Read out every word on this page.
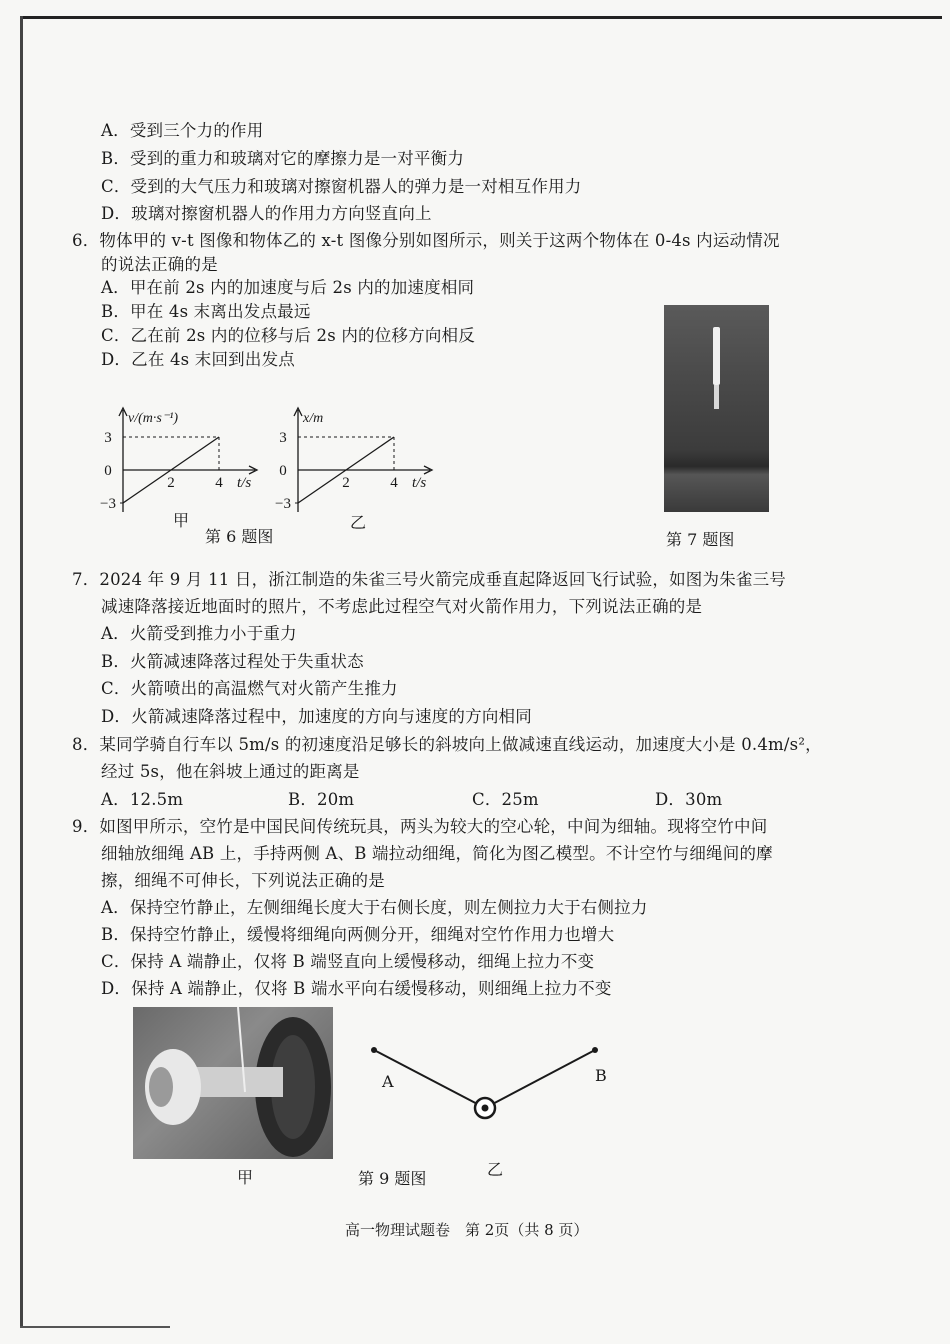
A．受到三个力的作用
B．受到的重力和玻璃对它的摩擦力是一对平衡力
C．受到的大气压力和玻璃对擦窗机器人的弹力是一对相互作用力
D．玻璃对擦窗机器人的作用力方向竖直向上
6．物体甲的 v-t 图像和物体乙的 x-t 图像分别如图所示，则关于这两个物体在 0-4s 内运动情况
的说法正确的是
A．甲在前 2s 内的加速度与后 2s 内的加速度相同
B．甲在 4s 末离出发点最远
C．乙在前 2s 内的位移与后 2s 内的位移方向相反
D．乙在 4s 末回到出发点
v/(m·s⁻¹)
t/s
3
0
−3
2	4
x/m
t/s
3
0
−3
2	4
甲	乙
第 6 题图	第 7 题图
7．2024 年 9 月 11 日，浙江制造的朱雀三号火箭完成垂直起降返回飞行试验，如图为朱雀三号
减速降落接近地面时的照片，不考虑此过程空气对火箭作用力，下列说法正确的是
A．火箭受到推力小于重力
B．火箭减速降落过程处于失重状态
C．火箭喷出的高温燃气对火箭产生推力
D．火箭减速降落过程中，加速度的方向与速度的方向相同
8．某同学骑自行车以 5m/s 的初速度沿足够长的斜坡向上做减速直线运动，加速度大小是 0.4m/s²，
经过 5s，他在斜坡上通过的距离是
A．12.5m	B．20m	C．25m	D．30m
9．如图甲所示，空竹是中国民间传统玩具，两头为较大的空心轮，中间为细轴。现将空竹中间
细轴放细绳 AB 上，手持两侧 A、B 端拉动细绳，简化为图乙模型。不计空竹与细绳间的摩
擦，细绳不可伸长，下列说法正确的是
A．保持空竹静止，左侧细绳长度大于右侧长度，则左侧拉力大于右侧拉力
B．保持空竹静止，缓慢将细绳向两侧分开，细绳对空竹作用力也增大
C．保持 A 端静止，仅将 B 端竖直向上缓慢移动，细绳上拉力不变
D．保持 A 端静止，仅将 B 端水平向右缓慢移动，则细绳上拉力不变
甲
A	B
第 9 题图	乙
高一物理试题卷　第 2页（共 8 页）
